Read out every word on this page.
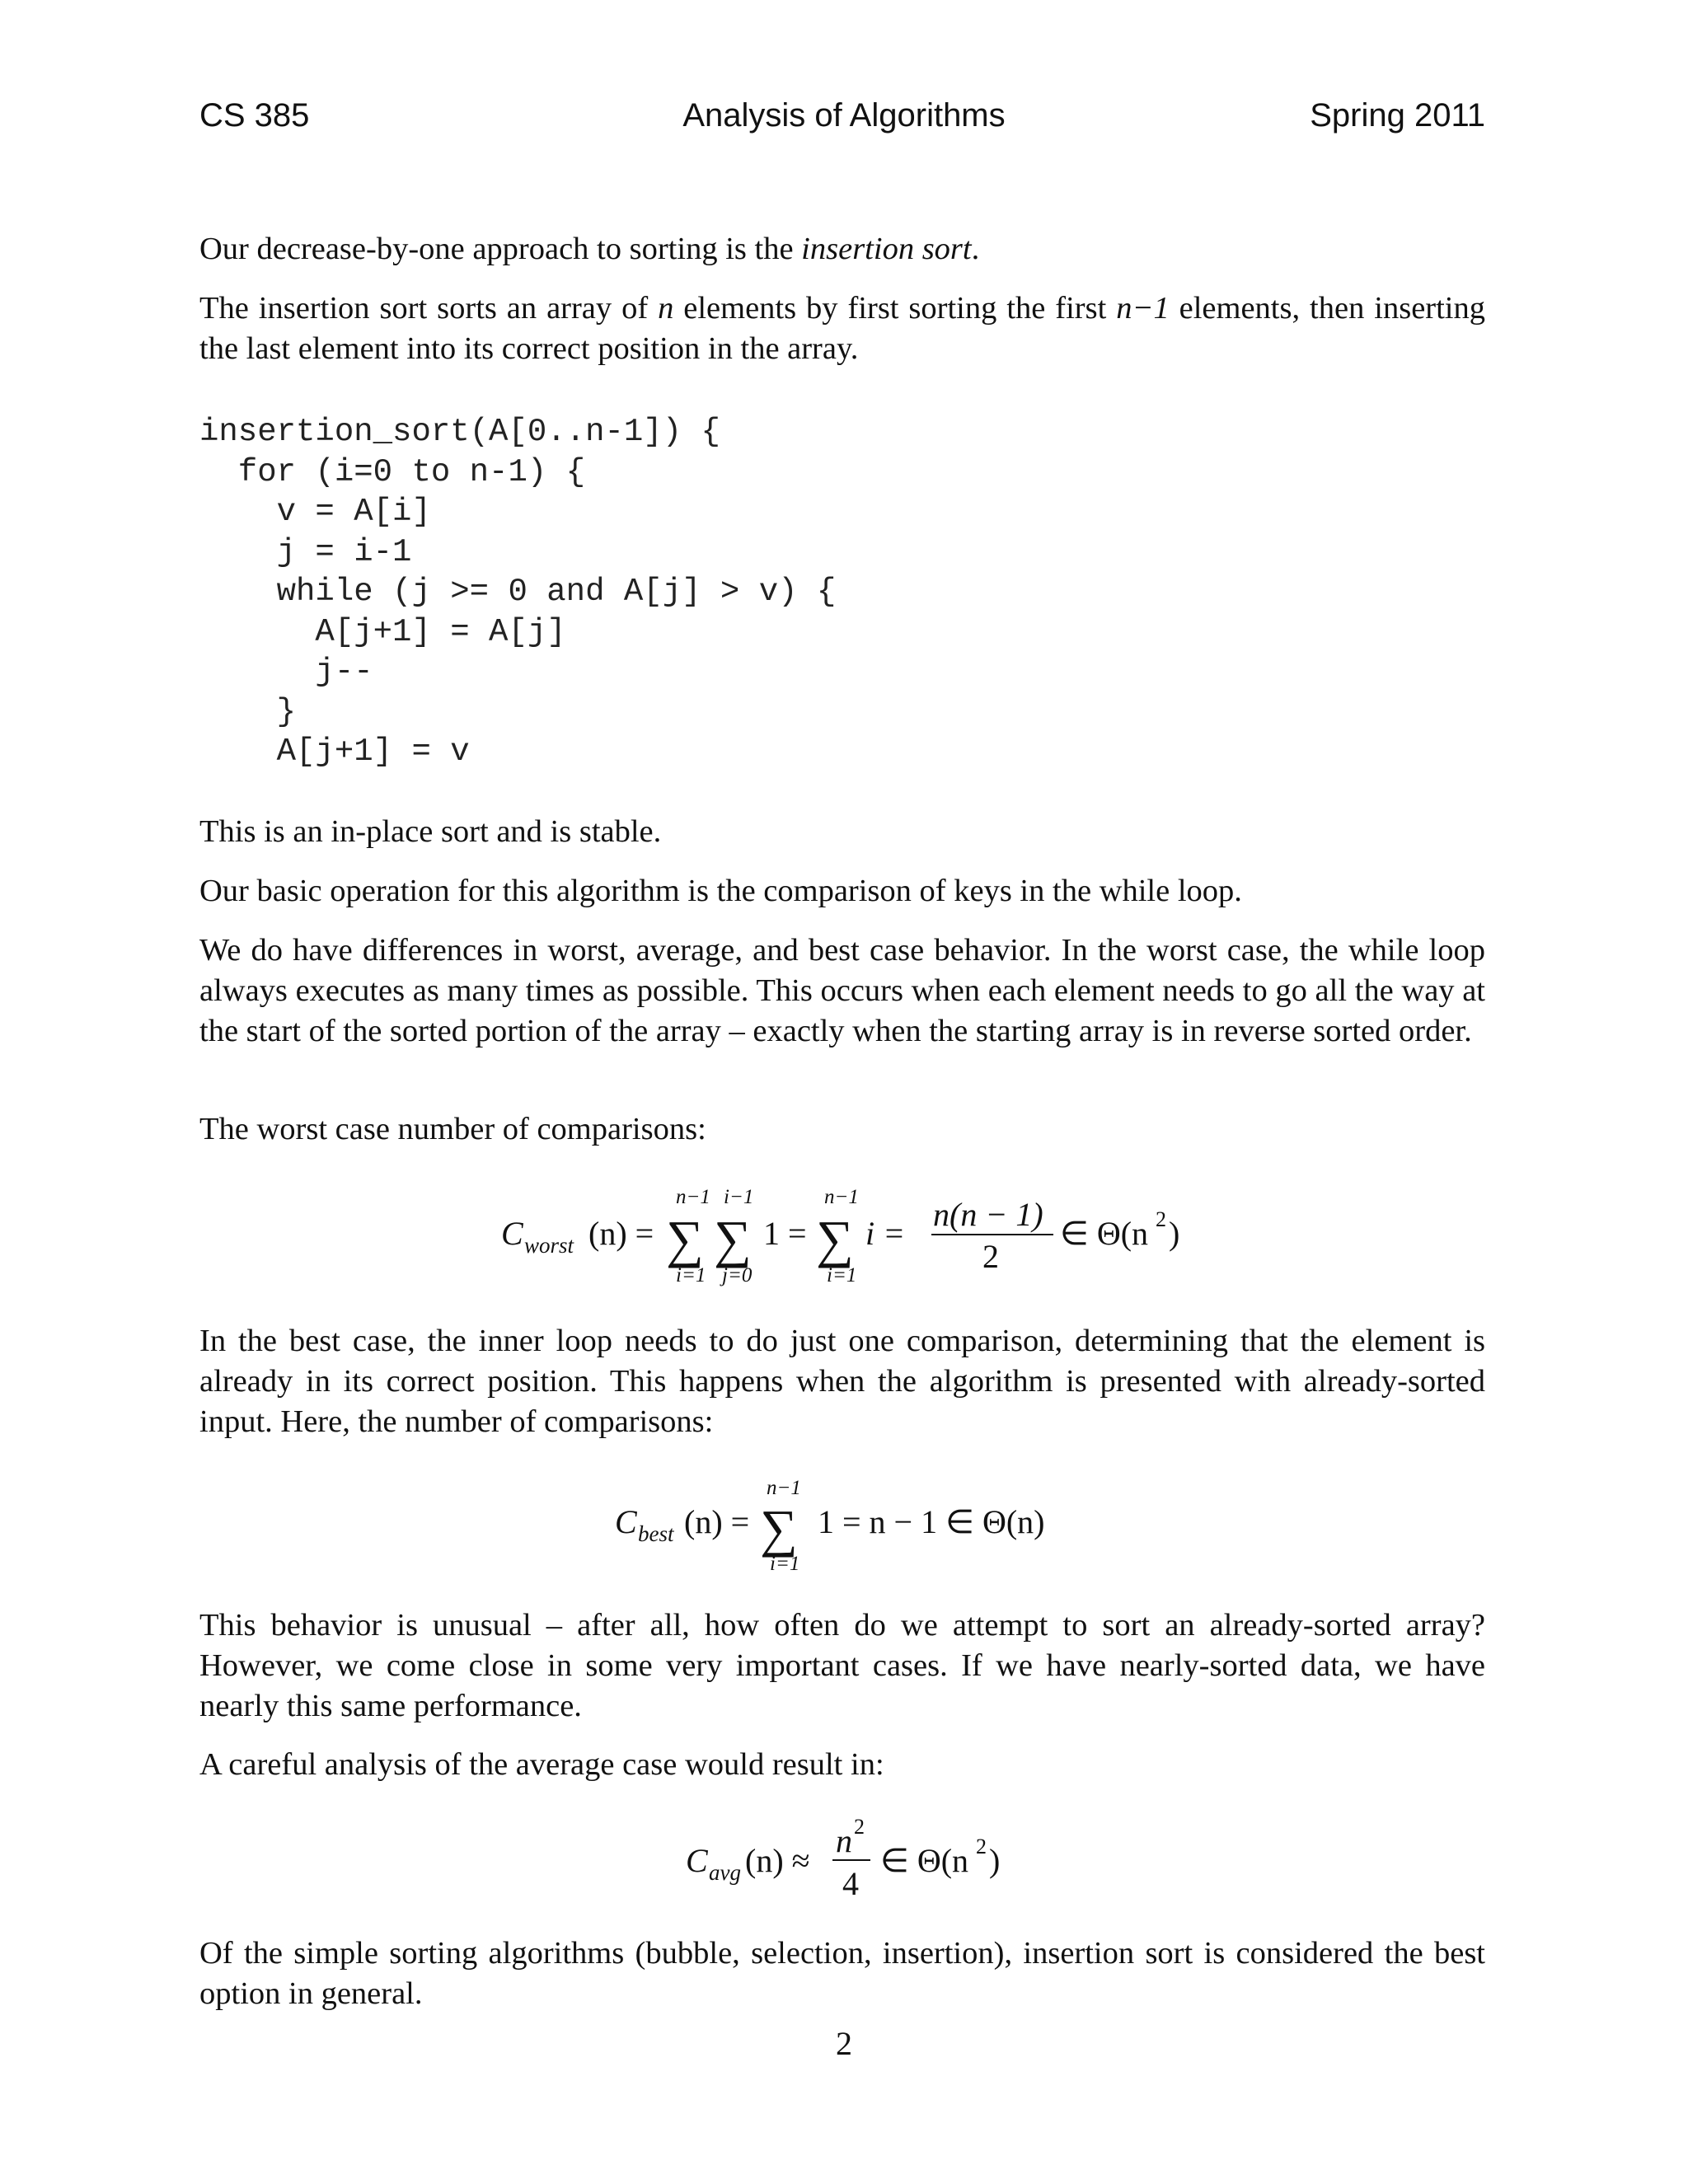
CS 385	Analysis of Algorithms	Spring 2011
Our decrease-by-one approach to sorting is the insertion sort.
The insertion sort sorts an array of n elements by first sorting the first n−1 elements, then inserting the last element into its correct position in the array.
insertion_sort(A[0..n-1]) {
for (i=0 to n-1) {
v = A[i]
j = i-1
while (j >= 0 and A[j] > v) {
A[j+1] = A[j]
j--
}
A[j+1] = v
This is an in-place sort and is stable.
Our basic operation for this algorithm is the comparison of keys in the while loop.
We do have differences in worst, average, and best case behavior. In the worst case, the while loop always executes as many times as possible. This occurs when each element needs to go all the way at the start of the sorted portion of the array – exactly when the starting array is in reverse sorted order.
The worst case number of comparisons:
C worst (n) =
n−1
∑
i=1
i−1
∑
j=0
1 =
n−1
∑
i=1
i =
n(n − 1)
2
∈ Θ(n 2 )
In the best case, the inner loop needs to do just one comparison, determining that the element is already in its correct position. This happens when the algorithm is presented with already-sorted input. Here, the number of comparisons:
C best (n) =
n−1
∑
i=1
1 = n − 1 ∈ Θ(n)
This behavior is unusual – after all, how often do we attempt to sort an already-sorted array? However, we come close in some very important cases. If we have nearly-sorted data, we have nearly this same performance.
A careful analysis of the average case would result in:
C avg (n) ≈
n 2
4
∈ Θ(n 2 )
Of the simple sorting algorithms (bubble, selection, insertion), insertion sort is considered the best option in general.
2
